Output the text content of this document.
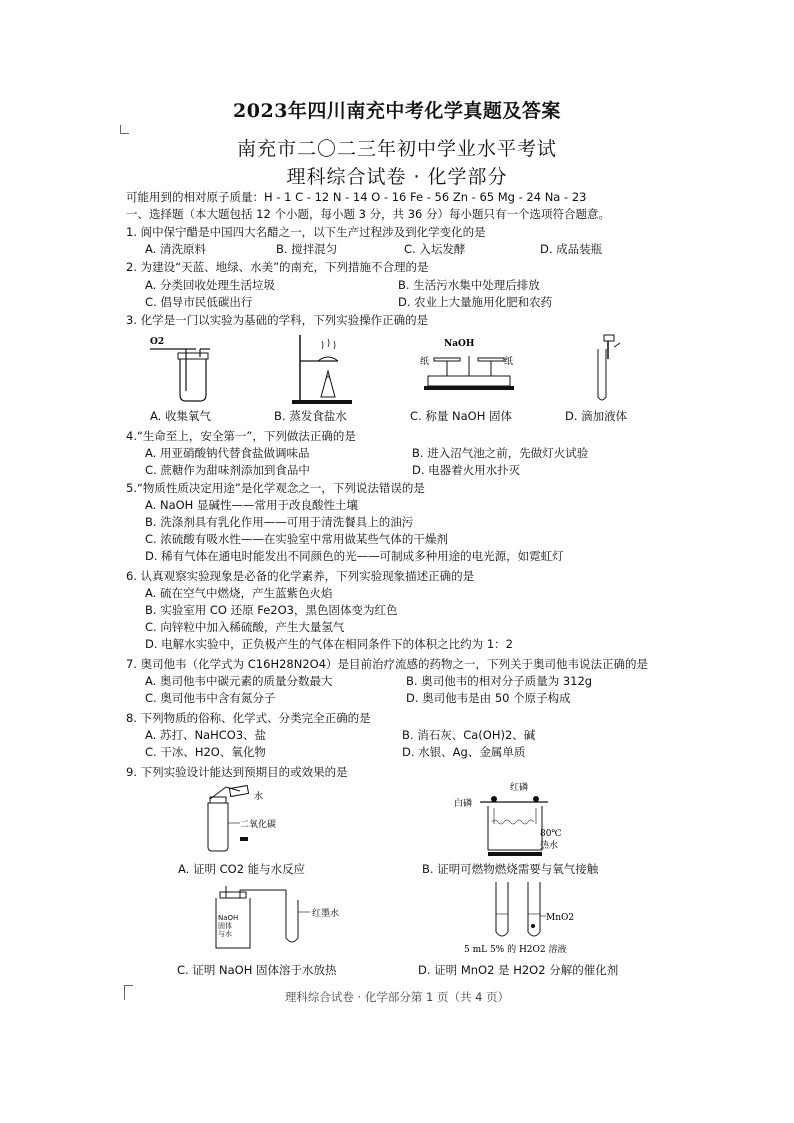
2023年四川南充中考化学真题及答案
南充市二〇二三年初中学业水平考试
理科综合试卷 · 化学部分
可能用到的相对原子质量：H - 1 C - 12 N - 14 O - 16 Fe - 56 Zn - 65 Mg - 24 Na - 23
一、选择题（本大题包括 12 个小题，每小题 3 分，共 36 分）每小题只有一个选项符合题意。
1. 阆中保宁醋是中国四大名醋之一，以下生产过程涉及到化学变化的是
A. 清洗原料	B. 搅拌混匀	C. 入坛发酵	D. 成品装瓶
2. 为建设“天蓝、地绿、水美”的南充，下列措施不合理的是
A. 分类回收处理生活垃圾	B. 生活污水集中处理后排放
C. 倡导市民低碳出行	D. 农业上大量施用化肥和农药
3. 化学是一门以实验为基础的学科，下列实验操作正确的是
O2	NaOH
纸	纸
A. 收集氧气	B. 蒸发食盐水	C. 称量 NaOH 固体	D. 滴加液体
4.“生命至上，安全第一”，下列做法正确的是
A. 用亚硝酸钠代替食盐做调味品	B. 进入沼气池之前，先做灯火试验
C. 蔗糖作为甜味剂添加到食品中	D. 电器着火用水扑灭
5.“物质性质决定用途”是化学观念之一，下列说法错误的是
A. NaOH 显碱性——常用于改良酸性土壤
B. 洗涤剂具有乳化作用——可用于清洗餐具上的油污
C. 浓硫酸有吸水性——在实验室中常用做某些气体的干燥剂
D. 稀有气体在通电时能发出不同颜色的光——可制成多种用途的电光源，如霓虹灯
6. 认真观察实验现象是必备的化学素养，下列实验现象描述正确的是
A. 硫在空气中燃烧，产生蓝紫色火焰
B. 实验室用 CO 还原 Fe2O3，黑色固体变为红色
C. 向锌粒中加入稀硫酸，产生大量氢气
D. 电解水实验中，正负极产生的气体在相同条件下的体积之比约为 1：2
7. 奥司他韦（化学式为 C16H28N2O4）是目前治疗流感的药物之一，下列关于奥司他韦说法正确的是
A. 奥司他韦中碳元素的质量分数最大	B. 奥司他韦的相对分子质量为 312g
C. 奥司他韦中含有氮分子	D. 奥司他韦是由 50 个原子构成
8. 下列物质的俗称、化学式、分类完全正确的是
A. 苏打、NaHCO3、盐	B. 消石灰、Ca(OH)2、碱
C. 干冰、H2O、氧化物	D. 水银、Ag、金属单质
9. 下列实验设计能达到预期目的或效果的是
水
二氧化碳
A. 证明 CO2 能与水反应
红磷
白磷
80℃
热水
B. 证明可燃物燃烧需要与氧气接触
NaOH
固体
与水
红墨水
C. 证明 NaOH 固体溶于水放热
MnO2
5 mL 5% 的 H2O2 溶液
D. 证明 MnO2 是 H2O2 分解的催化剂
理科综合试卷 · 化学部分第 1 页（共 4 页）
